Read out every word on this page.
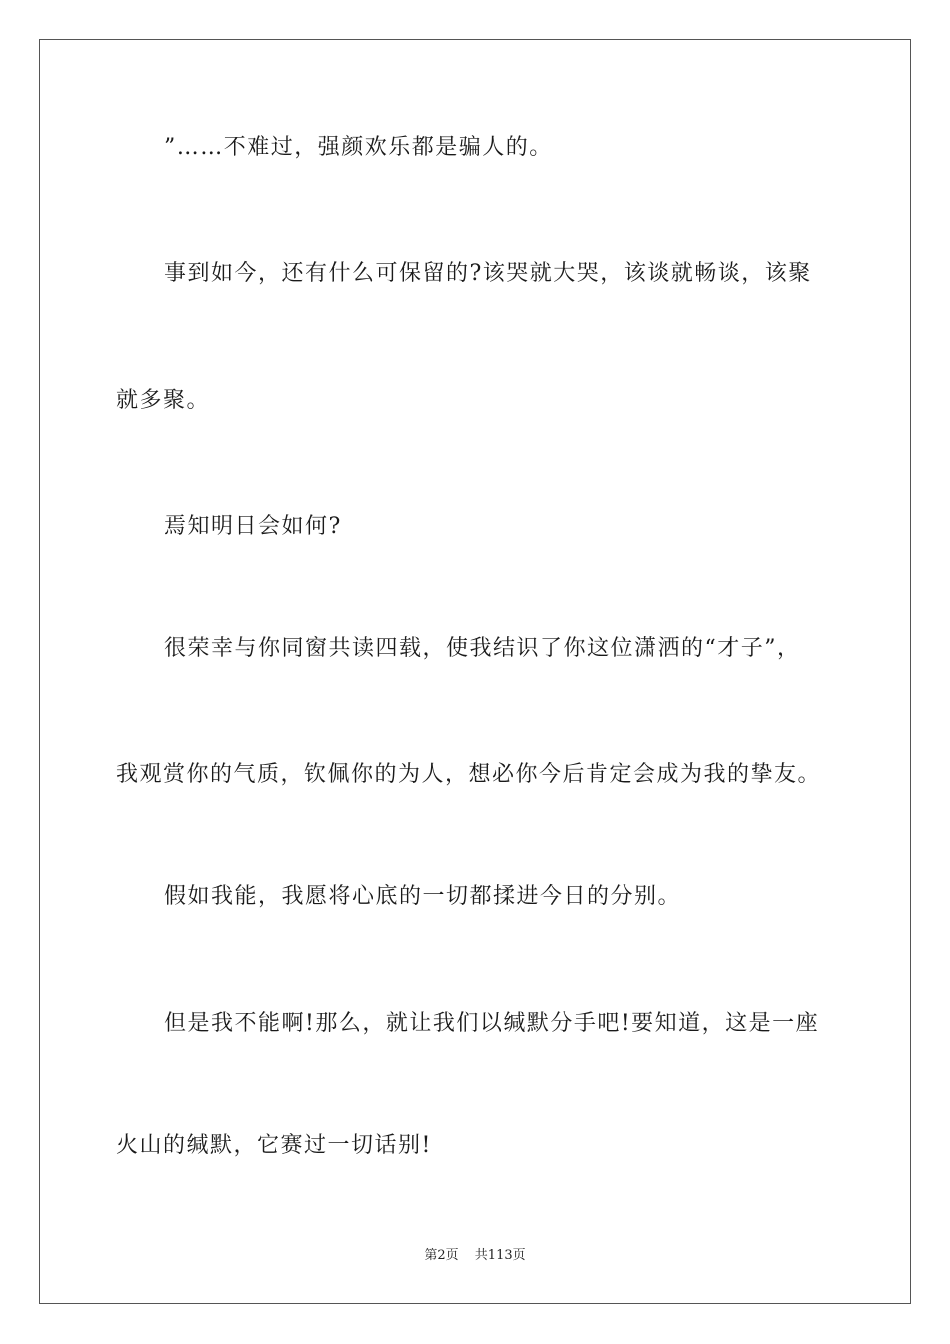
”……不难过，强颜欢乐都是骗人的。
事到如今，还有什么可保留的?该哭就大哭，该谈就畅谈，该聚
就多聚。
焉知明日会如何?
很荣幸与你同窗共读四载，使我结识了你这位潇洒的“才子”，
我观赏你的气质，钦佩你的为人，想必你今后肯定会成为我的挚友。
假如我能，我愿将心底的一切都揉进今日的分别。
但是我不能啊!那么，就让我们以缄默分手吧!要知道，这是一座
火山的缄默，它赛过一切话别!
第2页 共113页
